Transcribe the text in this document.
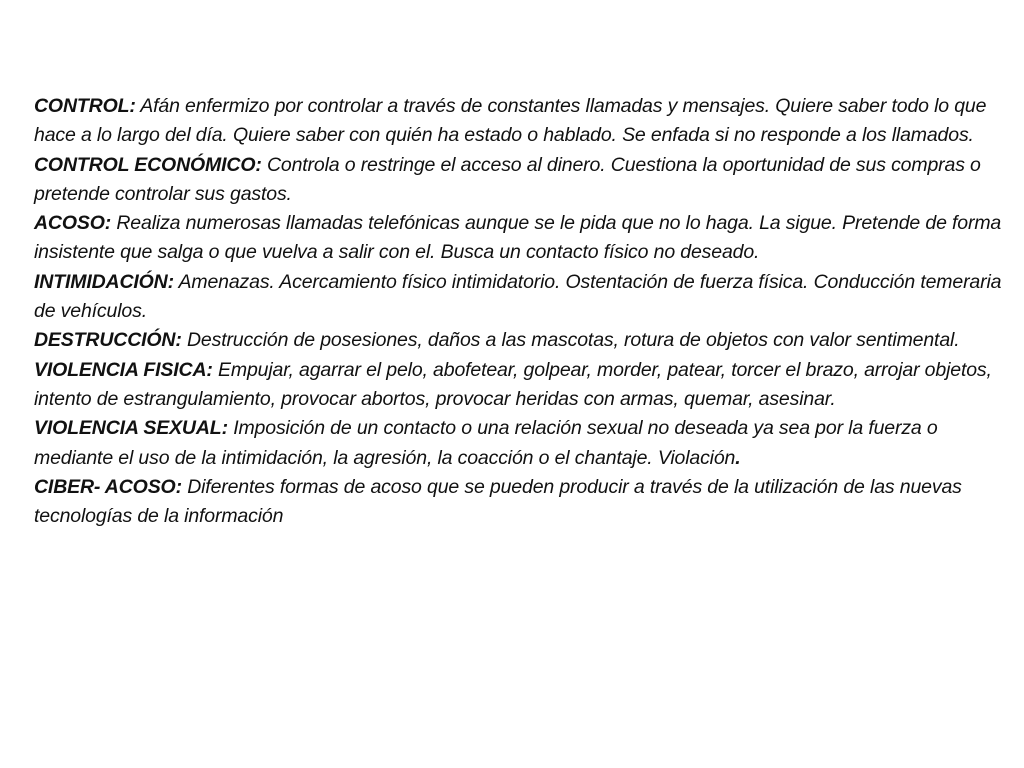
CONTROL: Afán enfermizo por controlar a través de constantes llamadas y mensajes. Quiere saber todo lo que hace a lo largo del día. Quiere saber con quién ha estado o hablado. Se enfada si no responde a los llamados.

CONTROL ECONÓMICO: Controla o restringe el acceso al dinero. Cuestiona la oportunidad de sus compras o pretende controlar sus gastos.

ACOSO: Realiza numerosas llamadas telefónicas aunque se le pida que no lo haga. La sigue. Pretende de forma insistente que salga o que vuelva a salir con el. Busca un contacto físico no deseado.

INTIMIDACIÓN: Amenazas. Acercamiento físico intimidatorio. Ostentación de fuerza física. Conducción temeraria de vehículos.

DESTRUCCIÓN: Destrucción de posesiones, daños a las mascotas, rotura de objetos con valor sentimental.

VIOLENCIA FISICA: Empujar, agarrar el pelo, abofetear, golpear, morder, patear, torcer el brazo, arrojar objetos, intento de estrangulamiento, provocar abortos, provocar heridas con armas, quemar, asesinar.

VIOLENCIA SEXUAL: Imposición de un contacto o una relación sexual no deseada ya sea por la fuerza o mediante el uso de la intimidación, la agresión, la coacción o el chantaje. Violación.

CIBER- ACOSO: Diferentes formas de acoso que se pueden producir a través de la utilización de las nuevas tecnologías de la información
